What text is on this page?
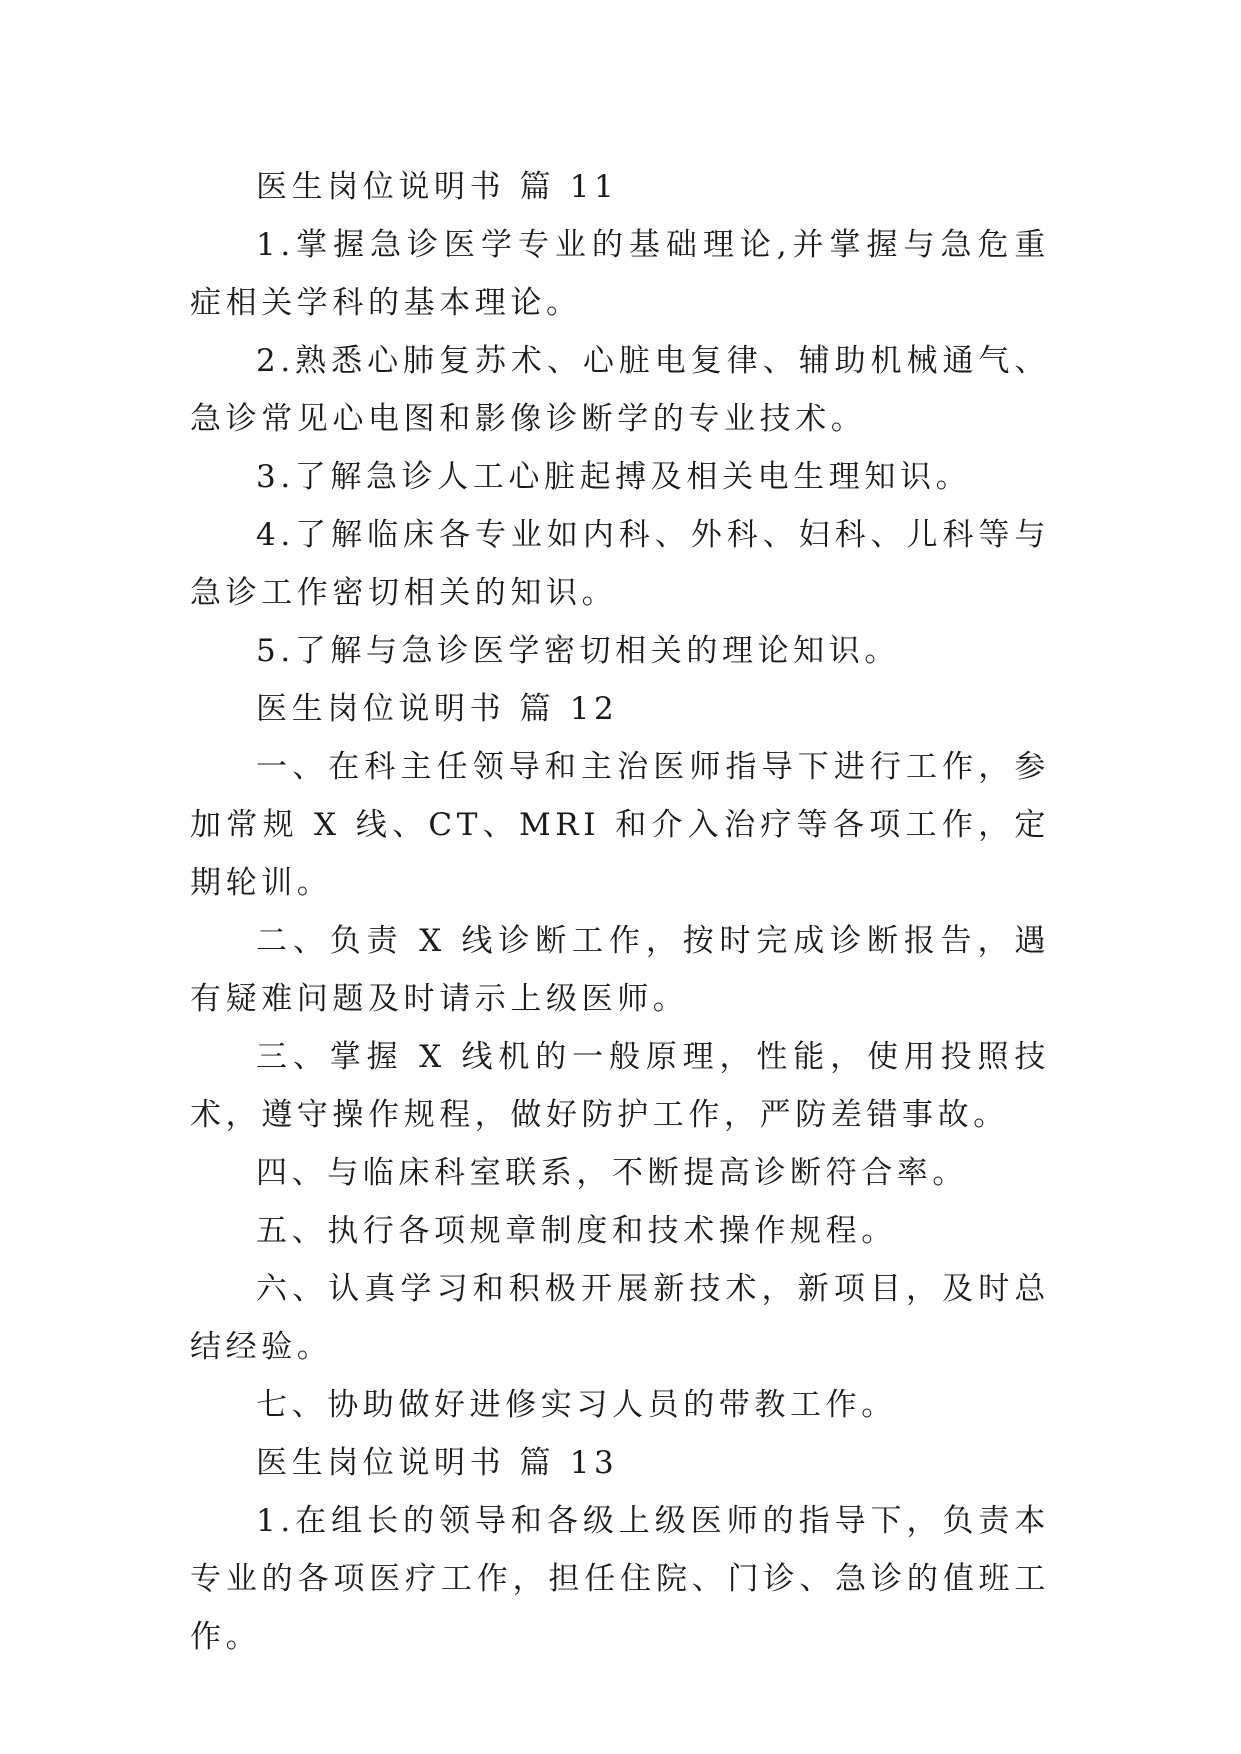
医生岗位说明书 篇 11

1.掌握急诊医学专业的基础理论,并掌握与急危重症相关学科的基本理论。

2.熟悉心肺复苏术、心脏电复律、辅助机械通气、急诊常见心电图和影像诊断学的专业技术。

3.了解急诊人工心脏起搏及相关电生理知识。

4.了解临床各专业如内科、外科、妇科、儿科等与急诊工作密切相关的知识。

5.了解与急诊医学密切相关的理论知识。

医生岗位说明书 篇 12

一、在科主任领导和主治医师指导下进行工作，参加常规 X 线、CT、MRI 和介入治疗等各项工作，定期轮训。

二、负责 X 线诊断工作，按时完成诊断报告，遇有疑难问题及时请示上级医师。

三、掌握 X 线机的一般原理，性能，使用投照技术，遵守操作规程，做好防护工作，严防差错事故。

四、与临床科室联系，不断提高诊断符合率。

五、执行各项规章制度和技术操作规程。

六、认真学习和积极开展新技术，新项目，及时总结经验。

七、协助做好进修实习人员的带教工作。

医生岗位说明书 篇 13

1.在组长的领导和各级上级医师的指导下，负责本专业的各项医疗工作，担任住院、门诊、急诊的值班工作。
